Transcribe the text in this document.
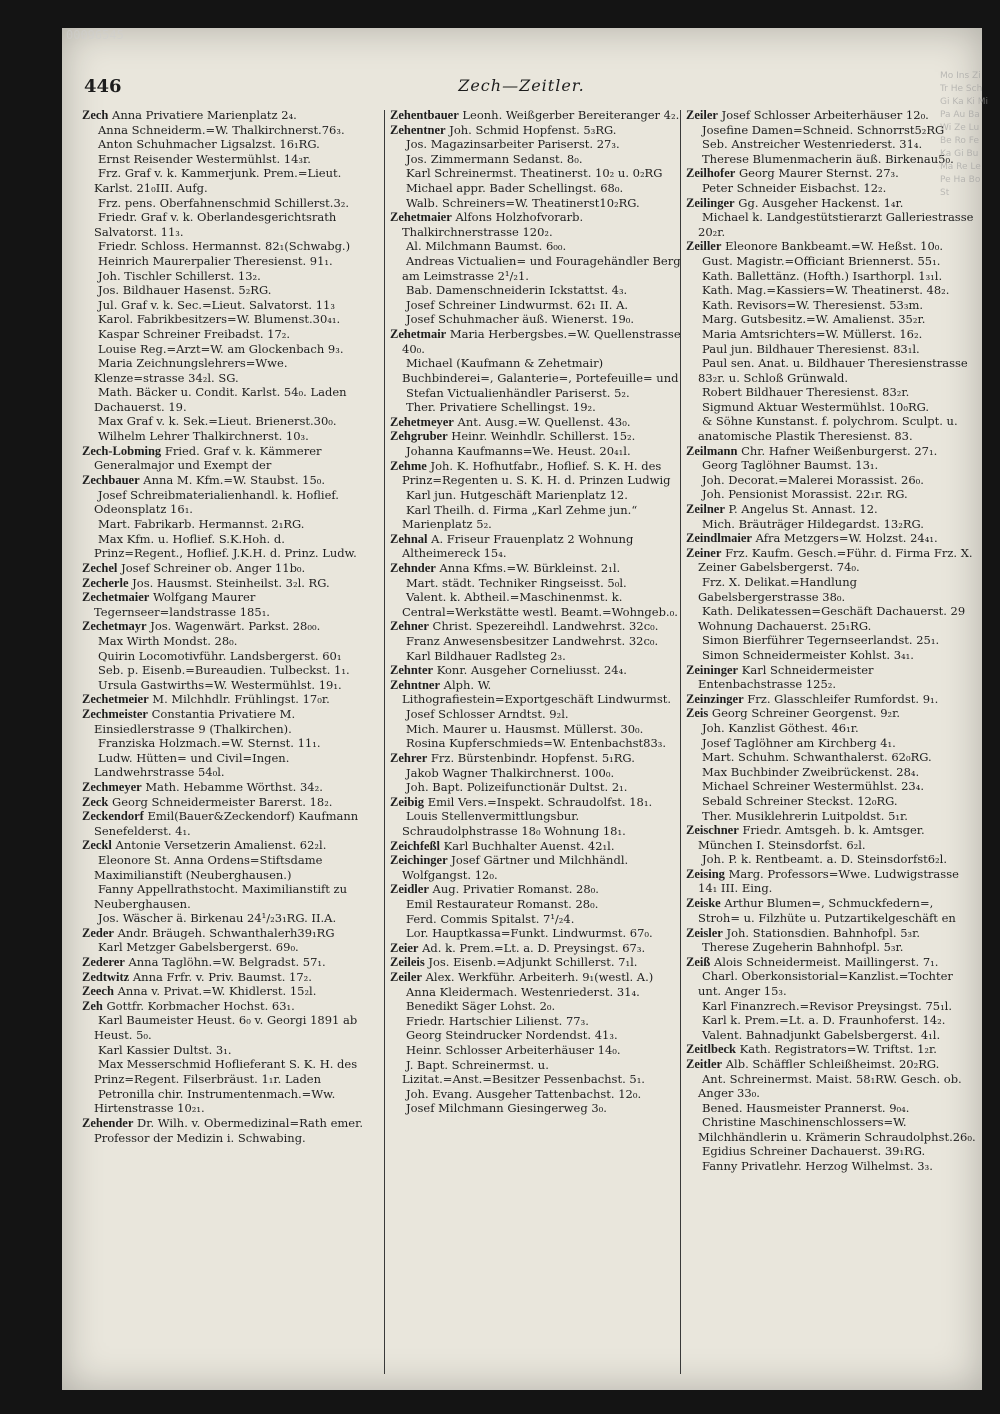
00096545
446	Zech—Zeitler.

Zech Anna Privatiere Marienplatz 2₄.

Anna Schneiderm.=W. Thalkirchnerst.76₃.

Anton Schuhmacher Ligsalzst. 16₁RG.

Ernst Reisender Westermühlst. 14₃r.

Frz. Graf v. k. Kammerjunk. Prem.=Lieut. Karlst. 21₀III. Aufg.

Frz. pens. Oberfahnenschmid Schillerst.3₂.

Friedr. Graf v. k. Oberlandesgerichtsrath Salvatorst. 11₃.

Friedr. Schloss. Hermannst. 82₁(Schwabg.)

Heinrich Maurerpalier Theresienst. 91₁.

Joh. Tischler Schillerst. 13₂.

Jos. Bildhauer Hasenst. 5₂RG.

Jul. Graf v. k. Sec.=Lieut. Salvatorst. 11₃

Karol. Fabrikbesitzers=W. Blumenst.30₄₁.

Kaspar Schreiner Freibadst. 17₂.

Louise Reg.=Arzt=W. am Glockenbach 9₃.

Maria Zeichnungslehrers=Wwe. Klenze=strasse 34₂l. SG.

Math. Bäcker u. Condit. Karlst. 54₀. Laden Dachauerst. 19.

Max Graf v. k. Sek.=Lieut. Brienerst.30₀.

Wilhelm Lehrer Thalkirchnerst. 10₃.

Zech-Lobming Fried. Graf v. k. Kämmerer Generalmajor und Exempt der

Zechbauer Anna M. Kfm.=W. Staubst. 15₀.

Josef Schreibmaterialienhandl. k. Hoflief. Odeonsplatz 16₁.

Mart. Fabrikarb. Hermannst. 2₁RG.

Max Kfm. u. Hoflief. S.K.Hoh. d. Prinz=Regent., Hoflief. J.K.H. d. Prinz. Ludw.

Zechel Josef Schreiner ob. Anger 11b₀.

Zecherle Jos. Hausmst. Steinheilst. 3₂l. RG.

Zechetmaier Wolfgang Maurer Tegernseer=landstrasse 185₁.

Zechetmayr Jos. Wagenwärt. Parkst. 28₀₀.

Max Wirth Mondst. 28₀.

Quirin Locomotivführ. Landsbergerst. 60₁

Seb. p. Eisenb.=Bureaudien. Tulbeckst. 1₁.

Ursula Gastwirths=W. Westermühlst. 19₁.

Zechetmeier M. Milchhdlr. Frühlingst. 17₀r.

Zechmeister Constantia Privatiere M. Einsiedlerstrasse 9 (Thalkirchen).

Franziska Holzmach.=W. Sternst. 11₁.

Ludw. Hütten= und Civil=Ingen. Landwehrstrasse 54₀l.

Zechmeyer Math. Hebamme Wörthst. 34₂.

Zeck Georg Schneidermeister Barerst. 18₂.

Zeckendorf Emil(Bauer&Zeckendorf) Kaufmann Senefelderst. 4₁.

Zeckl Antonie Versetzerin Amalienst. 62₂l.

Eleonore St. Anna Ordens=Stiftsdame Maximilianstift (Neuberghausen.)

Fanny Appellrathstocht. Maximilianstift zu Neuberghausen.

Jos. Wäscher ä. Birkenau 24¹/₂3₁RG. II.A.

Zeder Andr. Bräugeh. Schwanthalerh39₁RG

Karl Metzger Gabelsbergerst. 69₀.

Zederer Anna Taglöhn.=W. Belgradst. 57₁.

Zedtwitz Anna Frfr. v. Priv. Baumst. 17₂.

Zeech Anna v. Privat.=W. Khidlerst. 15₂l.

Zeh Gottfr. Korbmacher Hochst. 63₁.

Karl Baumeister Heust. 6₀ v. Georgi 1891 ab Heust. 5₀.

Karl Kassier Dultst. 3₁.

Max Messerschmid Hoflieferant S. K. H. des Prinz=Regent. Filserbräust. 1₁r. Laden

Petronilla chir. Instrumentenmach.=Ww. Hirtenstrasse 10₂₁.

Zehender Dr. Wilh. v. Obermedizinal=Rath emer. Professor der Medizin i. Schwabing.

Zehentbauer Leonh. Weißgerber Bereiteranger 4₂.

Zehentner Joh. Schmid Hopfenst. 5₃RG.

Jos. Magazinsarbeiter Pariserst. 27₃.

Jos. Zimmermann Sedanst. 8₀.

Karl Schreinermst. Theatinerst. 10₂ u. 0₂RG

Michael appr. Bader Schellingst. 68₀.

Walb. Schreiners=W. Theatinerst10₂RG.

Zehetmaier Alfons Holzhofvorarb. Thalkirchnerstrasse 120₂.

Al. Milchmann Baumst. 6₀₀.

Andreas Victualien= und Fouragehändler Berg am Leimstrasse 2¹/₂1.

Bab. Damenschneiderin Ickstattst. 4₃.

Josef Schreiner Lindwurmst. 62₁ II. A.

Josef Schuhmacher äuß. Wienerst. 19₀.

Zehetmair Maria Herbergsbes.=W. Quellenstrasse 40₀.

Michael (Kaufmann & Zehetmair) Buchbinderei=, Galanterie=, Portefeuille= und

Stefan Victualienhändler Pariserst. 5₂.

Ther. Privatiere Schellingst. 19₂.

Zehetmeyer Ant. Ausg.=W. Quellenst. 43₀.

Zehgruber Heinr. Weinhdlr. Schillerst. 15₂.

Johanna Kaufmanns=We. Heust. 20₄₁l.

Zehme Joh. K. Hofhutfabr., Hoflief. S. K. H. des Prinz=Regenten u. S. K. H. d. Prinzen Ludwig

Karl jun. Hutgeschäft Marienplatz 12.

Karl Theilh. d. Firma „Karl Zehme jun.“ Marienplatz 5₂.

Zehnal A. Friseur Frauenplatz 2 Wohnung Altheimereck 15₄.

Zehnder Anna Kfms.=W. Bürkleinst. 2₁l.

Mart. städt. Techniker Ringseisst. 5₀l.

Valent. k. Abtheil.=Maschinenmst. k. Central=Werkstätte westl. Beamt.=Wohngeb.₀.

Zehner Christ. Spezereihdl. Landwehrst. 32c₀.

Franz Anwesensbesitzer Landwehrst. 32c₀.

Karl Bildhauer Radlsteg 2₃.

Zehnter Konr. Ausgeher Corneliusst. 24₄.

Zehntner Alph. W. Lithografiestein=Exportgeschäft Lindwurmst.

Josef Schlosser Arndtst. 9₂l.

Mich. Maurer u. Hausmst. Müllerst. 30₀.

Rosina Kupferschmieds=W. Entenbachst83₃.

Zehrer Frz. Bürstenbindr. Hopfenst. 5₁RG.

Jakob Wagner Thalkirchnerst. 100₀.

Joh. Bapt. Polizeifunctionär Dultst. 2₁.

Zeibig Emil Vers.=Inspekt. Schraudolfst. 18₁.

Louis Stellenvermittlungsbur. Schraudolphstrasse 18₀ Wohnung 18₁.

Zeichfeßl Karl Buchhalter Auenst. 42₁l.

Zeichinger Josef Gärtner und Milchhändl. Wolfgangst. 12₀.

Zeidler Aug. Privatier Romanst. 28₀.

Emil Restaurateur Romanst. 28₀.

Ferd. Commis Spitalst. 7¹/₂4.

Lor. Hauptkassa=Funkt. Lindwurmst. 67₀.

Zeier Ad. k. Prem.=Lt. a. D. Preysingst. 67₃.

Zeileis Jos. Eisenb.=Adjunkt Schillerst. 7₁l.

Zeiler Alex. Werkführ. Arbeiterh. 9₁(westl. A.)

Anna Kleidermach. Westenriederst. 31₄.

Benedikt Säger Lohst. 2₀.

Friedr. Hartschier Lilienst. 77₃.

Georg Steindrucker Nordendst. 41₃.

Heinr. Schlosser Arbeiterhäuser 14₀.

J. Bapt. Schreinermst. u. Lizitat.=Anst.=Besitzer Pessenbachst. 5₁.

Joh. Evang. Ausgeher Tattenbachst. 12₀.

Josef Milchmann Giesingerweg 3₀.

Zeiler Josef Schlosser Arbeiterhäuser 12₀.

Josefine Damen=Schneid. Schnorrst5₂RG

Seb. Anstreicher Westenriederst. 31₄.

Therese Blumenmacherin äuß. Birkenau5₀.

Zeilhofer Georg Maurer Sternst. 27₃.

Peter Schneider Eisbachst. 12₂.

Zeilinger Gg. Ausgeher Hackenst. 1₄r.

Michael k. Landgestütstierarzt Galleriestrasse 20₂r.

Zeiller Eleonore Bankbeamt.=W. Heßst. 10₀.

Gust. Magistr.=Officiant Briennerst. 55₁.

Kath. Ballettänz. (Hofth.) Isarthorpl. 1₃₁l.

Kath. Mag.=Kassiers=W. Theatinerst. 48₂.

Kath. Revisors=W. Theresienst. 53₃m.

Marg. Gutsbesitz.=W. Amalienst. 35₂r.

Maria Amtsrichters=W. Müllerst. 16₂.

Paul jun. Bildhauer Theresienst. 83₁l.

Paul sen. Anat. u. Bildhauer Theresienstrasse 83₂r. u. Schloß Grünwald.

Robert Bildhauer Theresienst. 83₂r.

Sigmund Aktuar Westermühlst. 10₀RG.

& Söhne Kunstanst. f. polychrom. Sculpt. u. anatomische Plastik Theresienst. 83.

Zeilmann Chr. Hafner Weißenburgerst. 27₁.

Georg Taglöhner Baumst. 13₁.

Joh. Decorat.=Malerei Morassist. 26₀.

Joh. Pensionist Morassist. 22₁r. RG.

Zeilner P. Angelus St. Annast. 12.

Mich. Bräuträger Hildegardst. 13₂RG.

Zeindlmaier Afra Metzgers=W. Holzst. 24₄₁.

Zeiner Frz. Kaufm. Gesch.=Führ. d. Firma Frz. X. Zeiner Gabelsbergerst. 74₀.

Frz. X. Delikat.=Handlung Gabelsbergerstrasse 38₀.

Kath. Delikatessen=Geschäft Dachauerst. 29 Wohnung Dachauerst. 25₁RG.

Simon Bierführer Tegernseerlandst. 25₁.

Simon Schneidermeister Kohlst. 3₄₁.

Zeininger Karl Schneidermeister Entenbachstrasse 125₂.

Zeinzinger Frz. Glasschleifer Rumfordst. 9₁.

Zeis Georg Schreiner Georgenst. 9₂r.

Joh. Kanzlist Göthest. 46₁r.

Josef Taglöhner am Kirchberg 4₁.

Mart. Schuhm. Schwanthalerst. 62₀RG.

Max Buchbinder Zweibrückenst. 28₄.

Michael Schreiner Westermühlst. 23₄.

Sebald Schreiner Steckst. 12₀RG.

Ther. Musiklehrerin Luitpoldst. 5₁r.

Zeischner Friedr. Amtsgeh. b. k. Amtsger. München I. Steinsdorfst. 6₂l.

Joh. P. k. Rentbeamt. a. D. Steinsdorfst6₂l.

Zeising Marg. Professors=Wwe. Ludwigstrasse 14₁ III. Eing.

Zeiske Arthur Blumen=, Schmuckfedern=, Stroh= u. Filzhüte u. Putzartikelgeschäft en

Zeisler Joh. Stationsdien. Bahnhofpl. 5₃r.

Therese Zugeherin Bahnhofpl. 5₃r.

Zeiß Alois Schneidermeist. Maillingerst. 7₁.

Charl. Oberkonsistorial=Kanzlist.=Tochter unt. Anger 15₃.

Karl Finanzrech.=Revisor Preysingst. 75₁l.

Karl k. Prem.=Lt. a. D. Fraunhoferst. 14₂.

Valent. Bahnadjunkt Gabelsbergerst. 4₁l.

Zeitlbeck Kath. Registrators=W. Triftst. 1₂r.

Zeitler Alb. Schäffler Schleißheimst. 20₂RG.

Ant. Schreinermst. Maist. 58₁RW. Gesch. ob. Anger 33₀.

Bened. Hausmeister Prannerst. 9₀₄.

Christine Maschinenschlossers=W. Milchhändlerin u. Krämerin Schraudolphst.26₀.

Egidius Schreiner Dachauerst. 39₁RG.

Fanny Privatlehr. Herzog Wilhelmst. 3₃.

Mo Ins Zi Tr He Sch Gi Ka Ki Mi Pa Au Ba Wi Ze Lu Be Ro Fe Ka Gi Bu Ma Re Le Pe Ha Bo St
